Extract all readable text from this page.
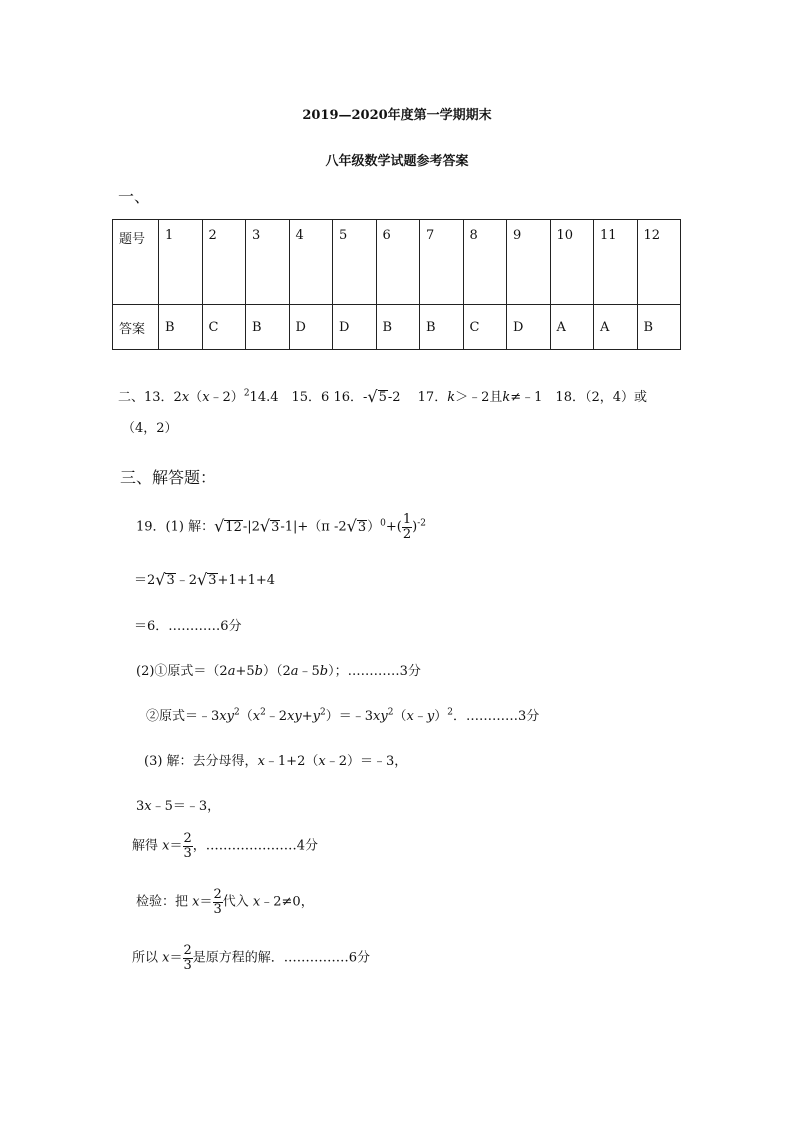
2019—2020年度第一学期期末
八年级数学试题参考答案
一、
题号	1	2	3	4	5	6	7	8	9	10	11	12
答案	B	C	B	D	D	B	B	C	D	A	A	B
二、13．2x（x﹣2）$^2$14.4　15．6 16．-√5-2　 17．k＞﹣2且k≠﹣1　18．（2，4）或
（4，2）
三、解答题：
19．(1) 解：√12-|2√3-1|+（π $-2√3)^0+( \frac{1}{2} )^{-2}$
＝2√3﹣2√3+1+1+4
＝6．…………6分
(2)①原式＝（2a+5b）（2a﹣5b）；…………3分
②原式$=﹣3xy^2(x^2﹣2xy+y^2)=﹣3xy^2(x﹣y)^2$．…………3分
(3) 解：去分母得，x﹣1+2（x﹣2）＝﹣3，
3x﹣5＝﹣3，
解得 $x= \frac{2}{3}$ ，…………………4分
检验：把 $x= \frac{2}{3}$ 代入 x﹣2≠0，
所以 $x= \frac{2}{3}$ 是原方程的解．……………6分
